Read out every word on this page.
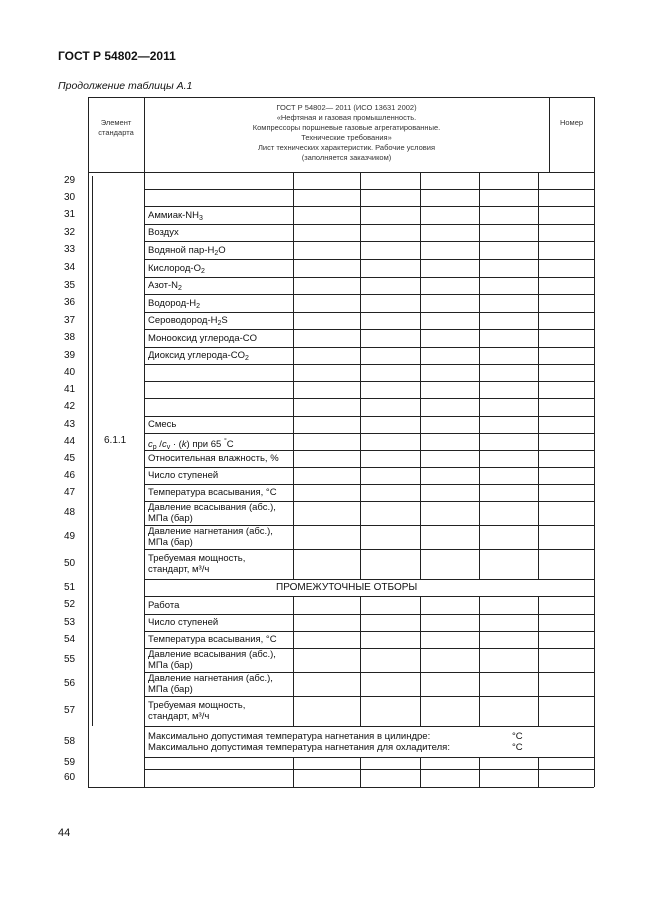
ГОСТ Р 54802—2011
Продолжение таблицы А.1
Элемент
стандарта
ГОСТ Р 54802— 2011 (ИСО 13631 2002)
«Нефтяная и газовая промышленность.
Компрессоры поршневые газовые агрегатированные.
Технические требования»
Лист технических характеристик. Рабочие условия
(заполняется заказчиком)
Номер
29
30
31	Аммиак-$NH_3$
32	Воздух
33	Водяной пар-$H_2O$
34	Кислород-$O_2$
35	Азот-$N_2$
36	Водород-$H_2$
37	Сероводород-$H_2S$
38	Монооксид углерода-CO
39	Диоксид углерода-$CO_2$
40
41
42
43	Смесь
44	$c_p$ $/c_v \cdot (k)$ при 65 °C
45	Относительная влажность, %
46	Число ступеней
47	Температура всасывания, °C
48	Давление всасывания (абс.),
МПа (бар)
49	Давление нагнетания (абс.),
МПа (бар)
50	Требуемая мощность,
стандарт, м³/ч
51	ПРОМЕЖУТОЧНЫЕ ОТБОРЫ
52	Работа
53	Число ступеней
54	Температура всасывания, °C
55	Давление всасывания (абс.),
МПа (бар)
56	Давление нагнетания (абс.),
МПа (бар)
57	Требуемая мощность,
стандарт, м³/ч
58	Максимально допустимая температура нагнетания в цилиндре:
Максимально допустимая температура нагнетания для охладителя:
°C
°C
59
60
6.1.1
44
